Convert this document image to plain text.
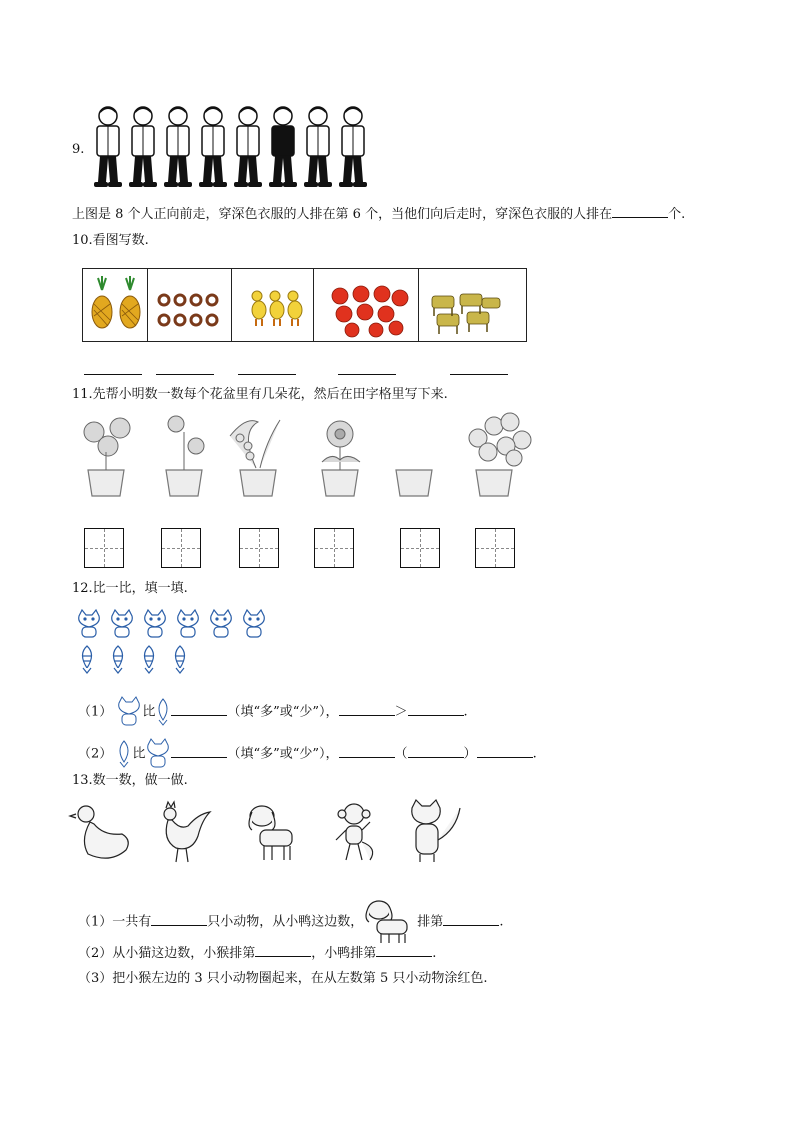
9.
上图是 8 个人正向前走，穿深色衣服的人排在第 6 个，当他们向后走时，穿深色衣服的人排在	个.
10.看图写数.
11.先帮小明数一数每个花盆里有几朵花，然后在田字格里写下来.
12.比一比，填一填.
（1） 比	（填“多”或“少”），	＞	.
（2） 比	（填“多”或“少”），	（	）	.
13.数一数，做一做.
（1）一共有	只小动物，从小鸭这边数，	排第	.
（2）从小猫这边数，小猴排第	，小鸭排第	.
（3）把小猴左边的 3 只小动物圈起来，在从左数第 5 只小动物涂红色.
